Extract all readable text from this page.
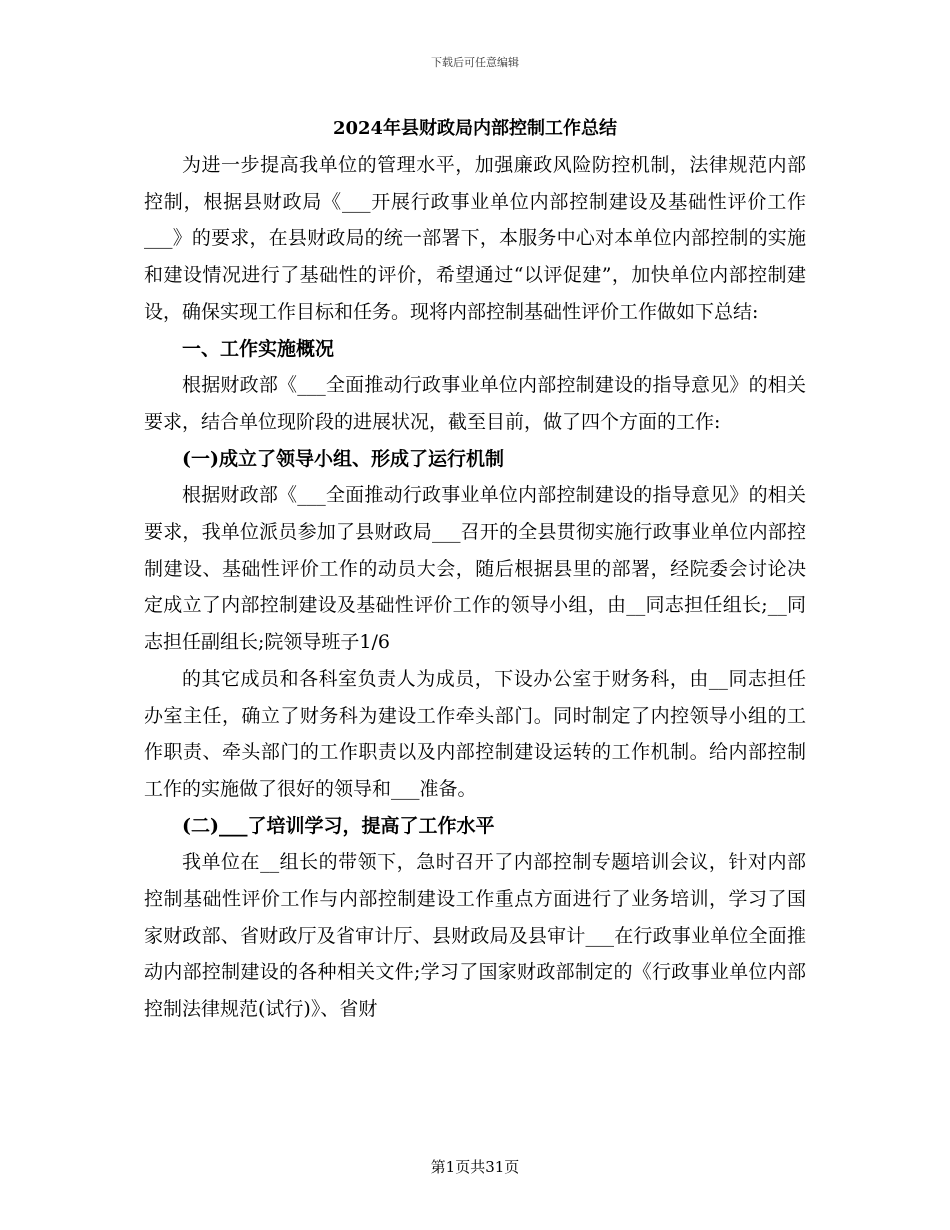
下载后可任意编辑
2024年县财政局内部控制工作总结

为进一步提高我单位的管理水平，加强廉政风险防控机制，法律规范内部控制，根据县财政局《___开展行政事业单位内部控制建设及基础性评价工作___》的要求，在县财政局的统一部署下，本服务中心对本单位内部控制的实施和建设情况进行了基础性的评价，希望通过“以评促建”，加快单位内部控制建设，确保实现工作目标和任务。现将内部控制基础性评价工作做如下总结:

一、工作实施概况

根据财政部《___全面推动行政事业单位内部控制建设的指导意见》的相关要求，结合单位现阶段的进展状况，截至目前，做了四个方面的工作:

(一)成立了领导小组、形成了运行机制

根据财政部《___全面推动行政事业单位内部控制建设的指导意见》的相关要求，我单位派员参加了县财政局___召开的全县贯彻实施行政事业单位内部控制建设、基础性评价工作的动员大会，随后根据县里的部署，经院委会讨论决定成立了内部控制建设及基础性评价工作的领导小组，由__同志担任组长;__同志担任副组长;院领导班子1/6

的其它成员和各科室负责人为成员，下设办公室于财务科，由__同志担任办室主任，确立了财务科为建设工作牵头部门。同时制定了内控领导小组的工作职责、牵头部门的工作职责以及内部控制建设运转的工作机制。给内部控制工作的实施做了很好的领导和___准备。

(二)___了培训学习，提高了工作水平

我单位在__组长的带领下，急时召开了内部控制专题培训会议，针对内部控制基础性评价工作与内部控制建设工作重点方面进行了业务培训，学习了国家财政部、省财政厅及省审计厅、县财政局及县审计___在行政事业单位全面推动内部控制建设的各种相关文件;学习了国家财政部制定的《行政事业单位内部控制法律规范(试行)》、省财

第1页共31页
